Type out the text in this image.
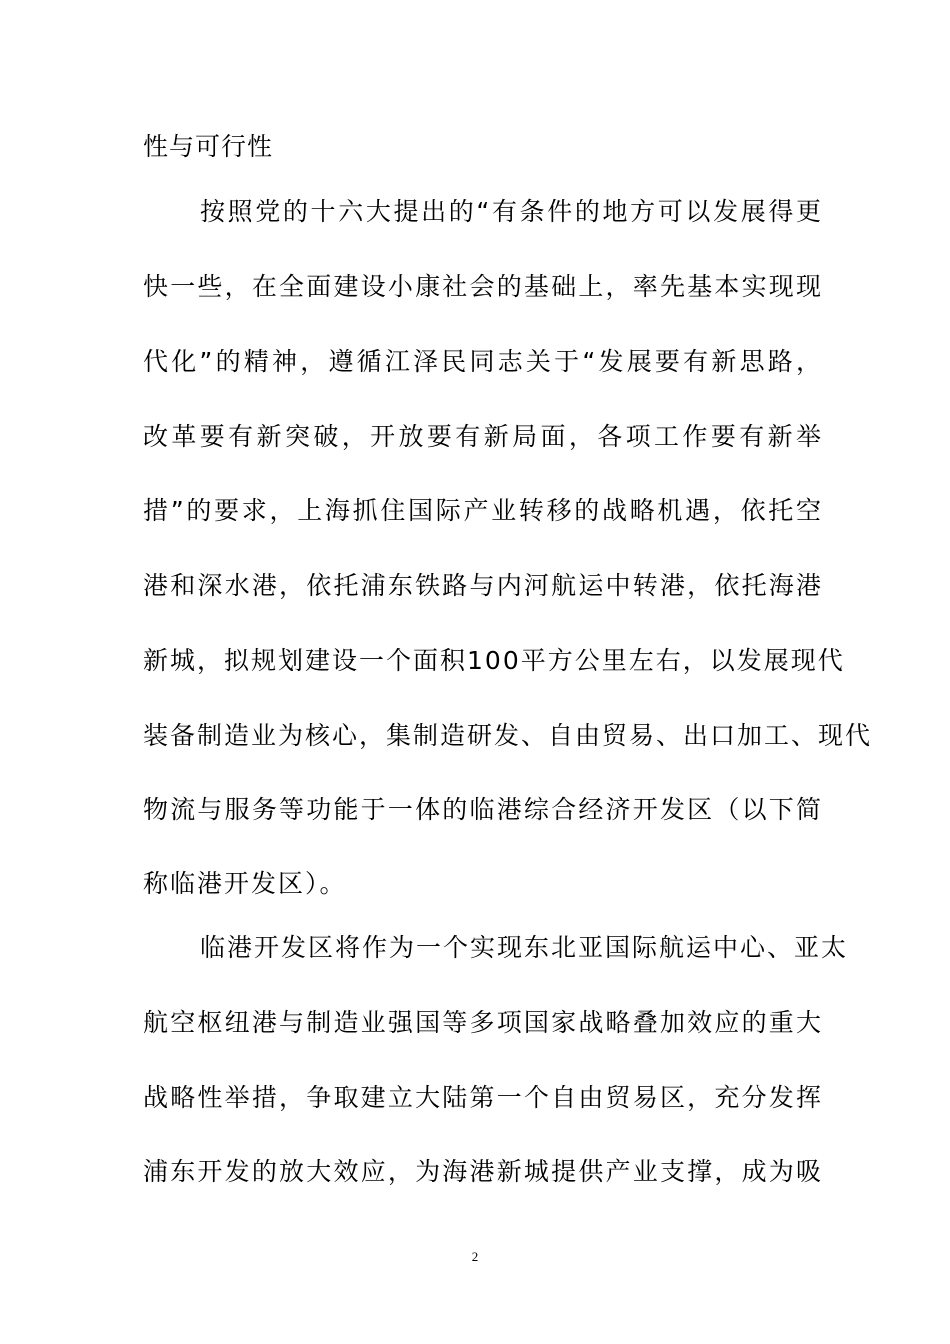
性与可行性
按照党的十六大提出的“有条件的地方可以发展得更
快一些，在全面建设小康社会的基础上，率先基本实现现
代化”的精神，遵循江泽民同志关于“发展要有新思路，
改革要有新突破，开放要有新局面，各项工作要有新举
措”的要求，上海抓住国际产业转移的战略机遇，依托空
港和深水港，依托浦东铁路与内河航运中转港，依托海港
新城，拟规划建设一个面积100平方公里左右，以发展现代
装备制造业为核心，集制造研发、自由贸易、出口加工、现代
物流与服务等功能于一体的临港综合经济开发区（以下简
称临港开发区）。
临港开发区将作为一个实现东北亚国际航运中心、亚太
航空枢纽港与制造业强国等多项国家战略叠加效应的重大
战略性举措，争取建立大陆第一个自由贸易区，充分发挥
浦东开发的放大效应，为海港新城提供产业支撑，成为吸
2
